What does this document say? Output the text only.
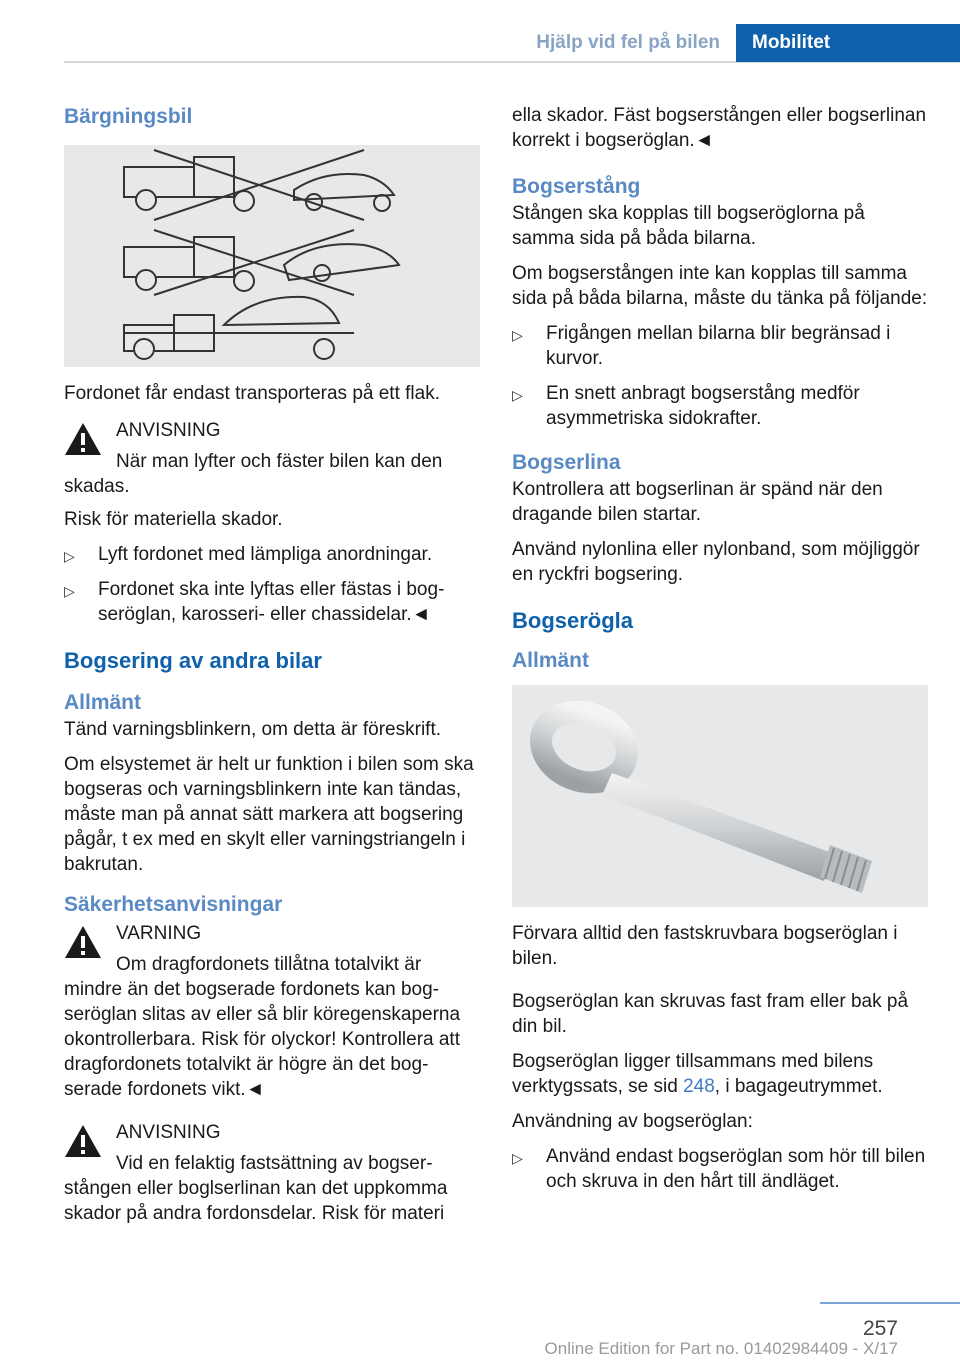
Hjälp vid fel på bilen	Mobilitet
Bärgningsbil

Fordonet får endast transporteras på ett flak.

ANVISNING
När man lyfter och fäster bilen kan den skadas.

Risk för materiella skador.

▷ Lyft fordonet med lämpliga anordningar.
▷ Fordonet ska inte lyftas eller fästas i bogseröglan, karosseri- eller chassidelar.◄
Bogsering av andra bilar
Allmänt

Tänd varningsblinkern, om detta är föreskrift.

Om elsystemet är helt ur funktion i bilen som ska bogseras och varningsblinkern inte kan tändas, måste man på annat sätt markera att bogsering pågår, t ex med en skylt eller varningstriangeln i bakrutan.

Säkerhetsanvisningar
VARNING
Om dragfordonets tillåtna totalvikt är mindre än det bogserade fordonets kan bogseröglan slitas av eller så blir köregenskaperna okontrollerbara. Risk för olyckor! Kontrollera att dragfordonets totalvikt är högre än det bogserade fordonets vikt.◄
ANVISNING
Vid en felaktig fastsättning av bogserstången eller boglserlinan kan det uppkomma skador på andra fordonsdelar. Risk för materi

ella skador. Fäst bogserstången eller bogserlinan korrekt i bogseröglan.◄

Bogserstång

Stången ska kopplas till bogseröglorna på samma sida på båda bilarna.

Om bogserstången inte kan kopplas till samma sida på båda bilarna, måste du tänka på följande:

▷ Frigången mellan bilarna blir begränsad i kurvor.
▷ En snett anbragt bogserstång medför asymmetriska sidokrafter.
Bogserlina

Kontrollera att bogserlinan är spänd när den dragande bilen startar.

Använd nylonlina eller nylonband, som möjliggör en ryckfri bogsering.

Bogserögla
Allmänt

Förvara alltid den fastskruvbara bogseröglan i bilen.

Bogseröglan kan skruvas fast fram eller bak på din bil.

Bogseröglan ligger tillsammans med bilens verktygssats, se sid 248, i bagageutrymmet.

Användning av bogseröglan:

▷ Använd endast bogseröglan som hör till bilen och skruva in den hårt till ändläget.
257
Online Edition for Part no. 01402984409 - X/17
